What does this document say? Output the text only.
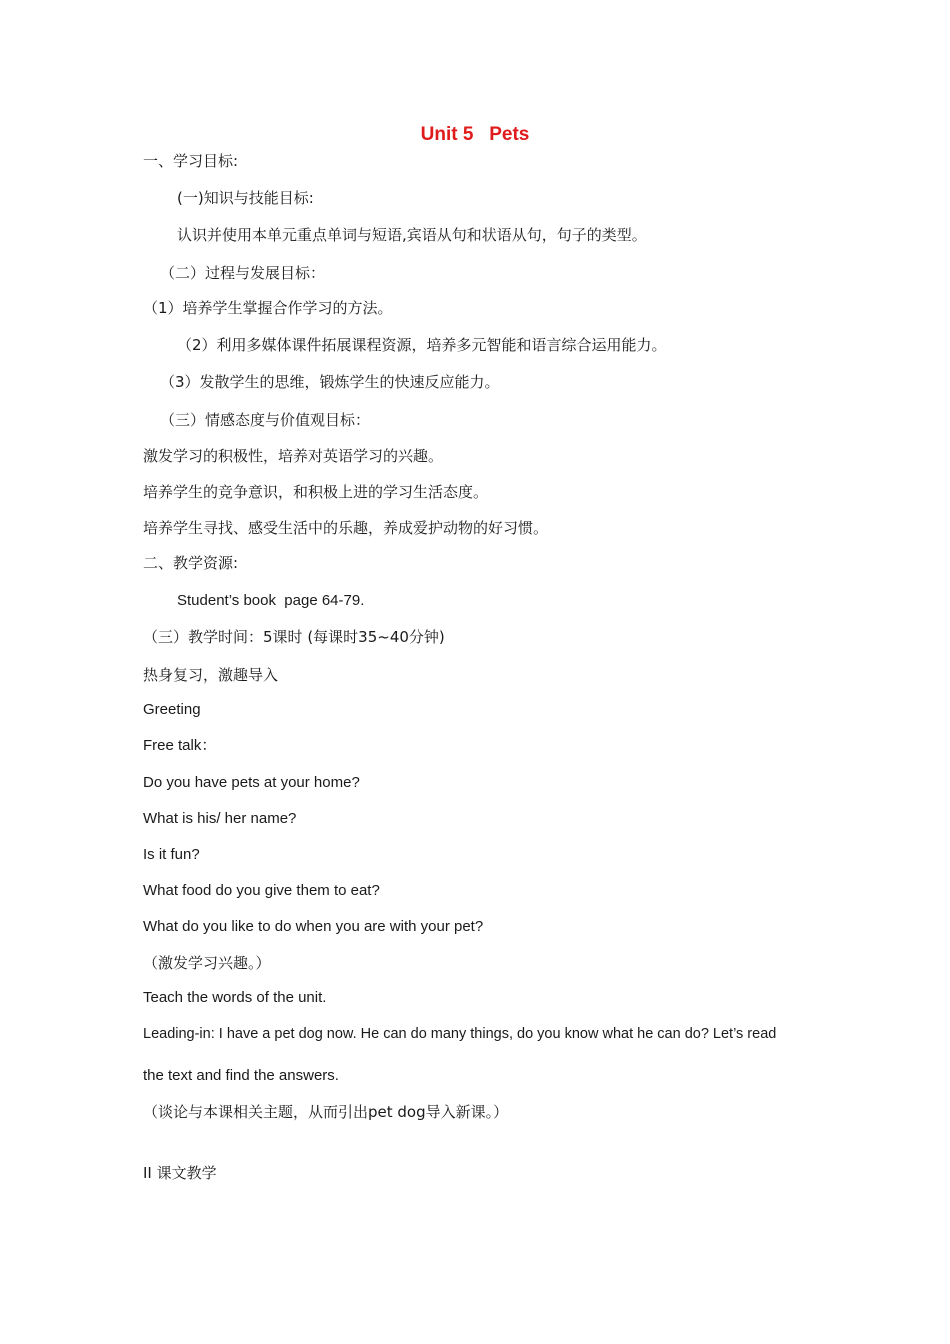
Unit 5   Pets
一、学习目标:
(一)知识与技能目标:
认识并使用本单元重点单词与短语,宾语从句和状语从句，句子的类型。
（二）过程与发展目标：
（1）培养学生掌握合作学习的方法。
（2）利用多媒体课件拓展课程资源，培养多元智能和语言综合运用能力。
（3）发散学生的思维，锻炼学生的快速反应能力。
（三）情感态度与价值观目标：
激发学习的积极性，培养对英语学习的兴趣。
培养学生的竞争意识，和积极上进的学习生活态度。
培养学生寻找、感受生活中的乐趣，养成爱护动物的好习惯。
二、教学资源:
Student’s book  page 64-79.
（三）教学时间：5课时 (每课时35~40分钟)
热身复习，激趣导入
Greeting
Free talk：
Do you have pets at your home?
What is his/ her name?
Is it fun?
What food do you give them to eat?
What do you like to do when you are with your pet?
（激发学习兴趣。）
Teach the words of the unit.
Leading-in: I have a pet dog now. He can do many things, do you know what he can do? Let’s read
the text and find the answers.
（谈论与本课相关主题，从而引出pet dog导入新课。）
II 课文教学
